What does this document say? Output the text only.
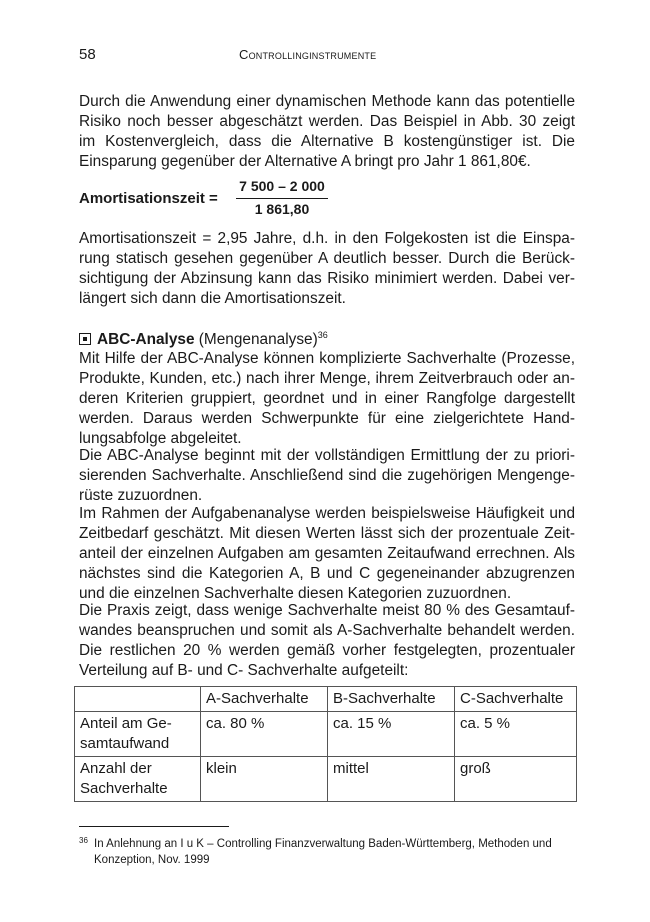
58	Controllinginstrumente

Durch die Anwendung einer dynamischen Methode kann das potentielle Risiko noch besser abgeschätzt werden. Das Beispiel in Abb. 30 zeigt im Kostenvergleich, dass die Alternative B kostengünstiger ist. Die Einsparung gegenüber der Alternative A bringt pro Jahr 1 861,80€.

Amortisationszeit =
7 500 – 2 000
1 861,80

Amortisationszeit = 2,95 Jahre, d.h. in den Folgekosten ist die Einsparung statisch gesehen gegenüber A deutlich besser. Durch die Berücksichtigung der Abzinsung kann das Risiko minimiert werden. Dabei verlängert sich dann die Amortisationszeit.

ABC-Analyse (Mengenanalyse)$^{36}$

Mit Hilfe der ABC-Analyse können komplizierte Sachverhalte (Prozesse, Produkte, Kunden, etc.) nach ihrer Menge, ihrem Zeitverbrauch oder anderen Kriterien gruppiert, geordnet und in einer Rangfolge dargestellt werden. Daraus werden Schwerpunkte für eine zielgerichtete Handlungsabfolge abgeleitet.

Die ABC-Analyse beginnt mit der vollständigen Ermittlung der zu priorisierenden Sachverhalte. Anschließend sind die zugehörigen Mengengerüste zuzuordnen.

Im Rahmen der Aufgabenanalyse werden beispielsweise Häufigkeit und Zeitbedarf geschätzt. Mit diesen Werten lässt sich der prozentuale Zeitanteil der einzelnen Aufgaben am gesamten Zeitaufwand errechnen. Als nächstes sind die Kategorien A, B und C gegeneinander abzugrenzen und die einzelnen Sachverhalte diesen Kategorien zuzuordnen.

Die Praxis zeigt, dass wenige Sachverhalte meist 80 % des Gesamtaufwandes beanspruchen und somit als A-Sachverhalte behandelt werden. Die restlichen 20 % werden gemäß vorher festgelegten, prozentualer Verteilung auf B- und C- Sachverhalte aufgeteilt:

	A-Sachverhalte	B-Sachverhalte	C-Sachverhalte
Anteil am Gesamtaufwand	ca. 80 %	ca. 15 %	ca. 5 %
Anzahl der Sachverhalte	klein	mittel	groß
36 In Anlehnung an I u K – Controlling Finanzverwaltung Baden-Württemberg, Methoden und Konzeption, Nov. 1999
